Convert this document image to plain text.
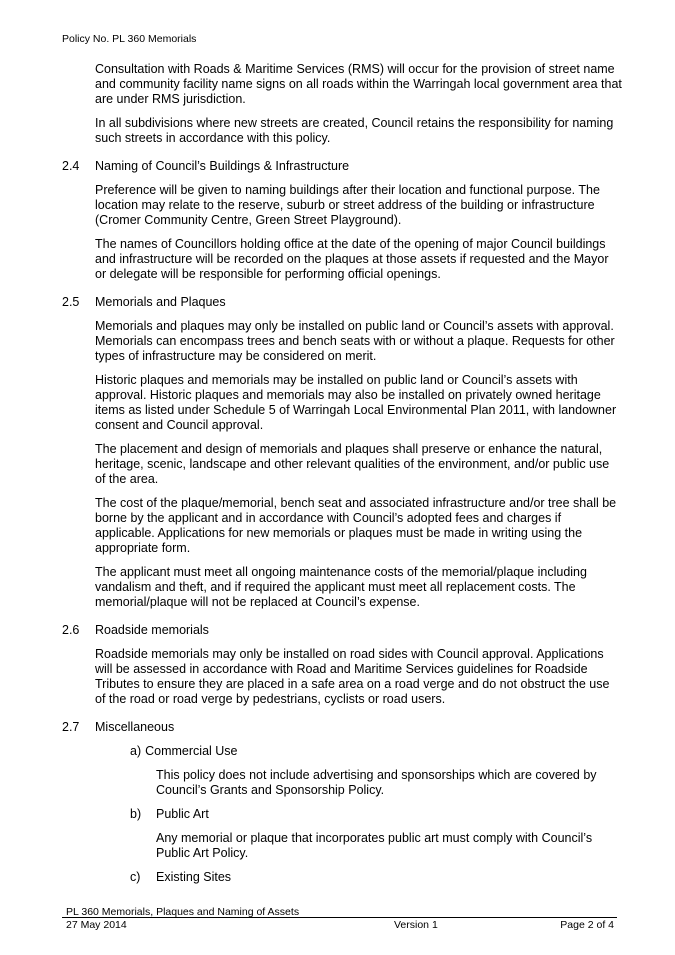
Policy No. PL 360 Memorials

Consultation with Roads & Maritime Services (RMS) will occur for the provision of street name and community facility name signs on all roads within the Warringah local government area that are under RMS jurisdiction.

In all subdivisions where new streets are created, Council retains the responsibility for naming such streets in accordance with this policy.

2.4	Naming of Council’s Buildings & Infrastructure

Preference will be given to naming buildings after their location and functional purpose. The location may relate to the reserve, suburb or street address of the building or infrastructure (Cromer Community Centre, Green Street Playground).

The names of Councillors holding office at the date of the opening of major Council buildings and infrastructure will be recorded on the plaques at those assets if requested and the Mayor or delegate will be responsible for performing official openings.

2.5	Memorials and Plaques

Memorials and plaques may only be installed on public land or Council’s assets with approval. Memorials can encompass trees and bench seats with or without a plaque. Requests for other types of infrastructure may be considered on merit.

Historic plaques and memorials may be installed on public land or Council’s assets with approval. Historic plaques and memorials may also be installed on privately owned heritage items as listed under Schedule 5 of Warringah Local Environmental Plan 2011, with landowner consent and Council approval.

The placement and design of memorials and plaques shall preserve or enhance the natural, heritage, scenic, landscape and other relevant qualities of the environment, and/or public use of the area.

The cost of the plaque/memorial, bench seat and associated infrastructure and/or tree shall be borne by the applicant and in accordance with Council’s adopted fees and charges if applicable. Applications for new memorials or plaques must be made in writing using the appropriate form.

The applicant must meet all ongoing maintenance costs of the memorial/plaque including vandalism and theft, and if required the applicant must meet all replacement costs. The memorial/plaque will not be replaced at Council’s expense.

2.6	Roadside memorials

Roadside memorials may only be installed on road sides with Council approval. Applications will be assessed in accordance with Road and Maritime Services guidelines for Roadside Tributes to ensure they are placed in a safe area on a road verge and do not obstruct the use of the road or road verge by pedestrians, cyclists or road users.

2.7	Miscellaneous
a) Commercial Use

This policy does not include advertising and sponsorships which are covered by Council’s Grants and Sponsorship Policy.

b)	Public Art

Any memorial or plaque that incorporates public art must comply with Council’s Public Art Policy.

c)	Existing Sites
PL 360 Memorials, Plaques and Naming of Assets
27 May 2014	Version 1	Page 2 of 4
